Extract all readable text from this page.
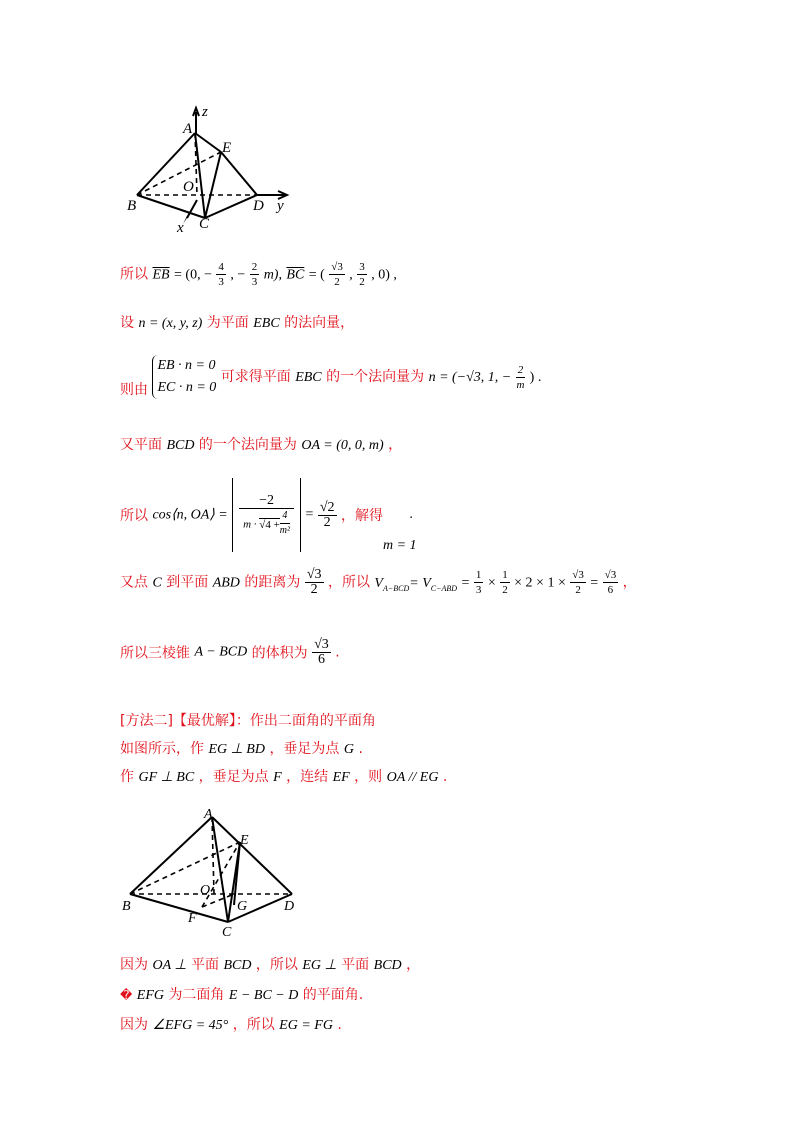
z
A
E
O
B
C
D y
x
所以 $\overline{EB} = (0$, − $\frac{4}{3}$ , − $\frac{2}{3} m$), $\overline{BC}$ = ( $\frac{√3}{2}$ , $\frac{3}{2}$ , 0) ,
设 n = (x, y, z) 为平面 EBC 的法向量，
则由
EB · n = 0
EC · n = 0
可求得平面 EBC 的一个法向量为 n = (−√3, 1, − $\frac{2}{m}$ ) .
又平面 BCD 的一个法向量为 OA = (0, 0, m) ，
所以 cos⟨n, OA⟩ = $\frac{-2}{m \cdot √4 + \frac{4}{\text{m²}}} = \frac{√2}{2}$ ，解得 .
m = 1
又点 C 到平面 ABD 的距离为 $\frac{√3}{2}$ ，所以 $V_{A-BCD}= V_{C-ABD} = \frac{1}{3} \times \frac{1}{2} \times 2 \times 1 \times \frac{√3}{2} = \frac{√3}{6}$ ，
所以三棱锥 A − BCD 的体积为 $\frac{√3}{6}$ .
[方法二]【最优解】：作出二面角的平面角
如图所示，作 EG ⊥ BD ，垂足为点 G .
作 GF ⊥ BC ，垂足为点 F ，连结 EF ，则 OA // EG .
A
E
O
B
F
G
C
D
因为 OA ⊥ 平面 BCD ，所以 EG ⊥ 平面 BCD ，
� EFG 为二面角 E − BC − D 的平面角.
因为 ∠EFG = 45° ，所以 EG = FG .
